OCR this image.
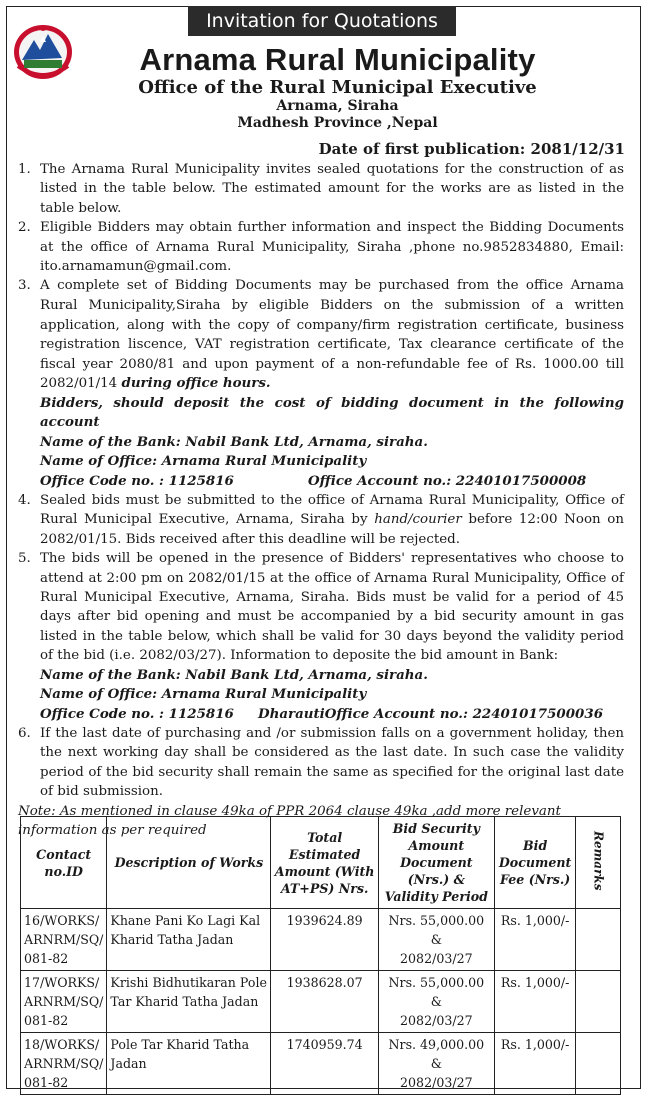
Invitation for Quotations
Arnama Rural Municipality
Office of the Rural Municipal Executive
Arnama, Siraha
Madhesh Province ,Nepal
Date of first publication: 2081/12/31

1. The Arnama Rural Municipality invites sealed quotations for the construction of as listed in the table below. The estimated amount for the works are as listed in the table below.

2. Eligible Bidders may obtain further information and inspect the Bidding Documents at the office of Arnama Rural Municipality, Siraha ,phone no.9852834880, Email: ito.arnamamun@gmail.com.

3. A complete set of Bidding Documents may be purchased from the office Arnama Rural Municipality,Siraha by eligible Bidders on the submission of a written application, along with the copy of company/firm registration certificate, business registration liscence, VAT registration certificate, Tax clearance certificate of the fiscal year 2080/81 and upon payment of a non-refundable fee of Rs. 1000.00 till 2082/01/14 during office hours.

Bidders, should deposit the cost of bidding document in the following account

Name of the Bank: Nabil Bank Ltd, Arnama, siraha.

Name of Office: Arnama Rural Municipality

Office Code no. : 1125816	Office Account no.: 22401017500008

4. Sealed bids must be submitted to the office of Arnama Rural Municipality, Office of Rural Municipal Executive, Arnama, Siraha by hand/courier before 12:00 Noon on 2082/01/15. Bids received after this deadline will be rejected.

5. The bids will be opened in the presence of Bidders' representatives who choose to attend at 2:00 pm on 2082/01/15 at the office of Arnama Rural Municipality, Office of Rural Municipal Executive, Arnama, Siraha. Bids must be valid for a period of 45 days after bid opening and must be accompanied by a bid security amount in gas listed in the table below, which shall be valid for 30 days beyond the validity period of the bid (i.e. 2082/03/27). Information to deposite the bid amount in Bank:

Name of the Bank: Nabil Bank Ltd, Arnama, siraha.

Name of Office: Arnama Rural Municipality

Office Code no. : 1125816 DharautiOffice Account no.: 22401017500036

6. If the last date of purchasing and /or submission falls on a government holiday, then the next working day shall be considered as the last date. In such case the validity period of the bid security shall remain the same as specified for the original last date of bid submission.

Note: As mentioned in clause 49ka of PPR 2064 clause 49ka ,add more relevant information as per required

Contact no.ID	Description of Works	Total Estimated Amount (With AT+PS) Nrs.	Bid Security Amount Document (Nrs.) & Validity Period	Bid Document Fee (Nrs.)	Remarks
16/WORKS/ ARNRM/SQ/ 081-82	Khane Pani Ko Lagi Kal Kharid Tatha Jadan	1939624.89	Nrs. 55,000.00
&
2082/03/27	Rs. 1,000/-	
17/WORKS/ ARNRM/SQ/ 081-82	Krishi Bidhutikaran Pole Tar Kharid Tatha Jadan	1938628.07	Nrs. 55,000.00
&
2082/03/27	Rs. 1,000/-	
18/WORKS/ ARNRM/SQ/ 081-82	Pole Tar Kharid Tatha Jadan	1740959.74	Nrs. 49,000.00 &
2082/03/27	Rs. 1,000/-	
